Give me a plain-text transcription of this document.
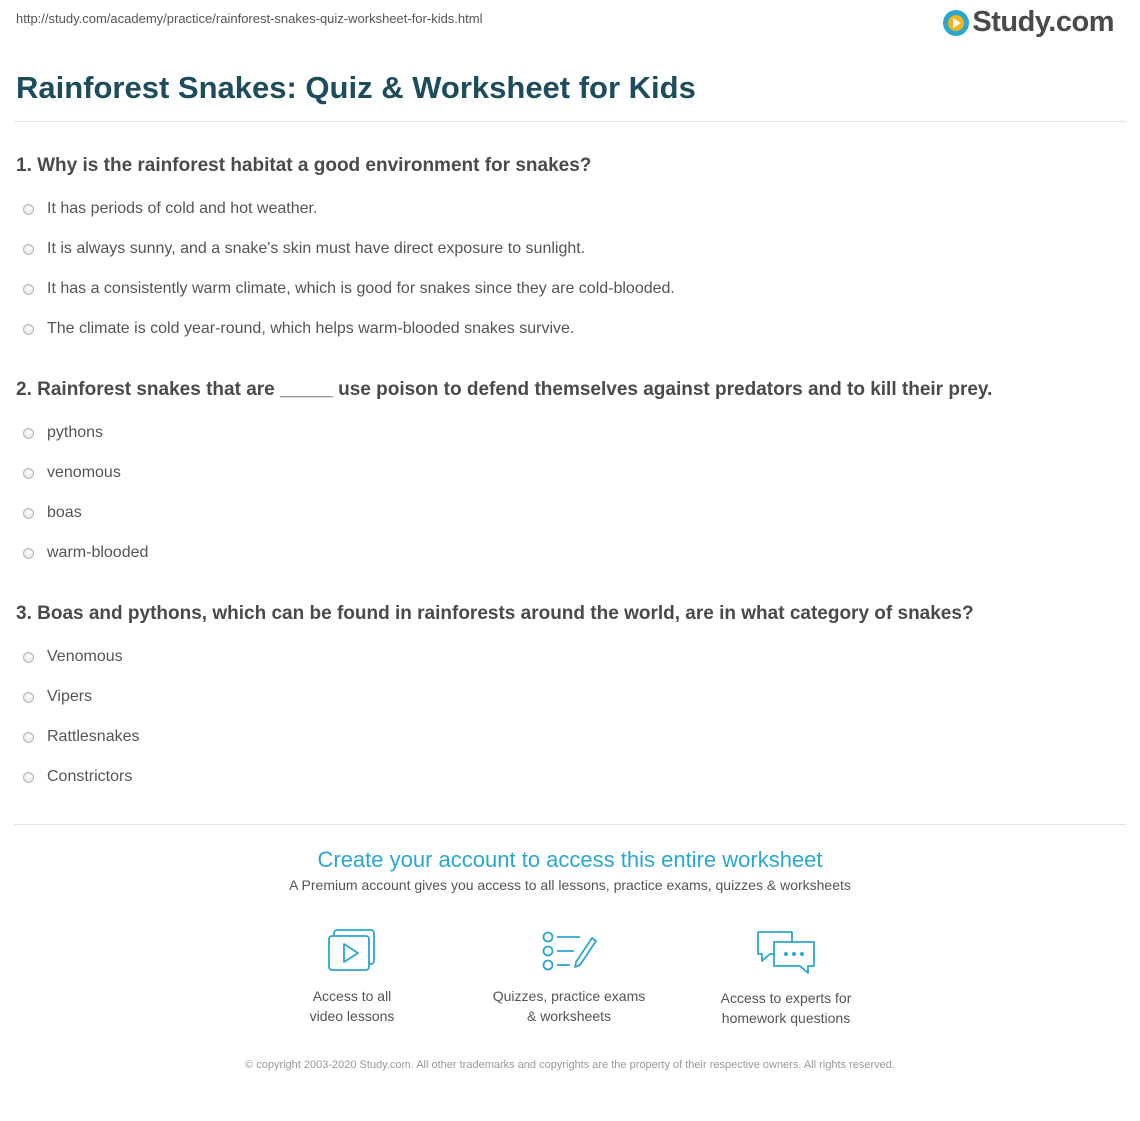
http://study.com/academy/practice/rainforest-snakes-quiz-worksheet-for-kids.html	Study.com
Rainforest Snakes: Quiz & Worksheet for Kids
1. Why is the rainforest habitat a good environment for snakes?
It has periods of cold and hot weather.
It is always sunny, and a snake's skin must have direct exposure to sunlight.
It has a consistently warm climate, which is good for snakes since they are cold-blooded.
The climate is cold year-round, which helps warm-blooded snakes survive.
2. Rainforest snakes that are _____ use poison to defend themselves against predators and to kill their prey.
pythons
venomous
boas
warm-blooded
3. Boas and pythons, which can be found in rainforests around the world, are in what category of snakes?
Venomous
Vipers
Rattlesnakes
Constrictors
Create your account to access this entire worksheet
A Premium account gives you access to all lessons, practice exams, quizzes & worksheets
Access to all
video lessons
Quizzes, practice exams
& worksheets
Access to experts for
homework questions
© copyright 2003-2020 Study.com. All other trademarks and copyrights are the property of their respective owners. All rights reserved.
